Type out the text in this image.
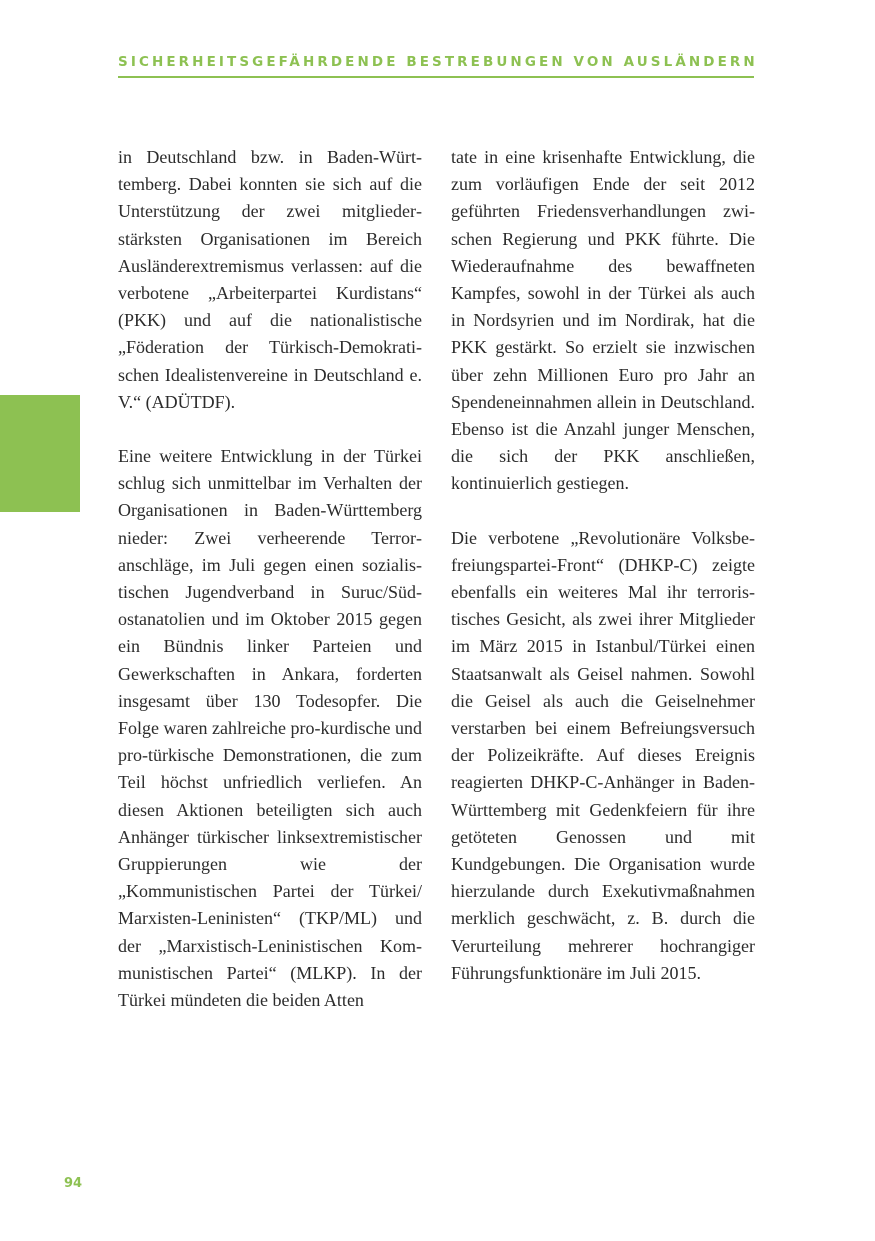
SICHERHEITSGEFÄHRDENDE BESTREBUNGEN VON AUSLÄNDERN

in Deutschland bzw. in Baden-Württemberg. Dabei konnten sie sich auf die Unterstützung der zwei mitgliederstärksten Organisationen im Bereich Ausländerextremismus verlassen: auf die verbotene „Arbeiterpartei Kurdistans“ (PKK) und auf die nationalistische „Föderation der Türkisch-Demokratischen Idealistenvereine in Deutschland e. V.“ (ADÜTDF).

Eine weitere Entwicklung in der Türkei schlug sich unmittelbar im Verhalten der Organisationen in Baden-Württemberg nieder: Zwei verheerende Terroranschläge, im Juli gegen einen sozialistischen Jugendverband in Suruc/Südostanatolien und im Oktober 2015 gegen ein Bündnis linker Parteien und Gewerkschaften in Ankara, forderten insgesamt über 130 Todesopfer. Die Folge waren zahlreiche pro-kurdische und pro-türkische Demonstrationen, die zum Teil höchst unfriedlich verliefen. An diesen Aktionen beteiligten sich auch Anhänger türkischer linksextremistischer Gruppierungen wie der „Kommunistischen Partei der Türkei/​Marxisten-Leninisten“ (TKP/ML) und der „Marxistisch-Leninistischen Kommunistischen Partei“ (MLKP). In der Türkei mündeten die beiden Atten

tate in eine krisenhafte Entwicklung, die zum vorläufigen Ende der seit 2012 geführten Friedensverhandlungen zwischen Regierung und PKK führte. Die Wiederaufnahme des bewaffneten Kampfes, sowohl in der Türkei als auch in Nordsyrien und im Nordirak, hat die PKK gestärkt. So erzielt sie inzwischen über zehn Millionen Euro pro Jahr an Spendeneinnahmen allein in Deutschland. Ebenso ist die Anzahl junger Menschen, die sich der PKK anschließen, kontinuierlich gestiegen.

Die verbotene „Revolutionäre Volksbefreiungspartei-Front“ (DHKP-C) zeigte ebenfalls ein weiteres Mal ihr terroristisches Gesicht, als zwei ihrer Mitglieder im März 2015 in Istanbul/Türkei einen Staatsanwalt als Geisel nahmen. Sowohl die Geisel als auch die Geiselnehmer verstarben bei einem Befreiungsversuch der Polizeikräfte. Auf dieses Ereignis reagierten DHKP-C-Anhänger in Baden-Württemberg mit Gedenkfeiern für ihre getöteten Genossen und mit Kundgebungen. Die Organisation wurde hierzulande durch Exekutivmaßnahmen merklich geschwächt, z. B. durch die Verurteilung mehrerer hochrangiger Führungsfunktionäre im Juli 2015.

94
